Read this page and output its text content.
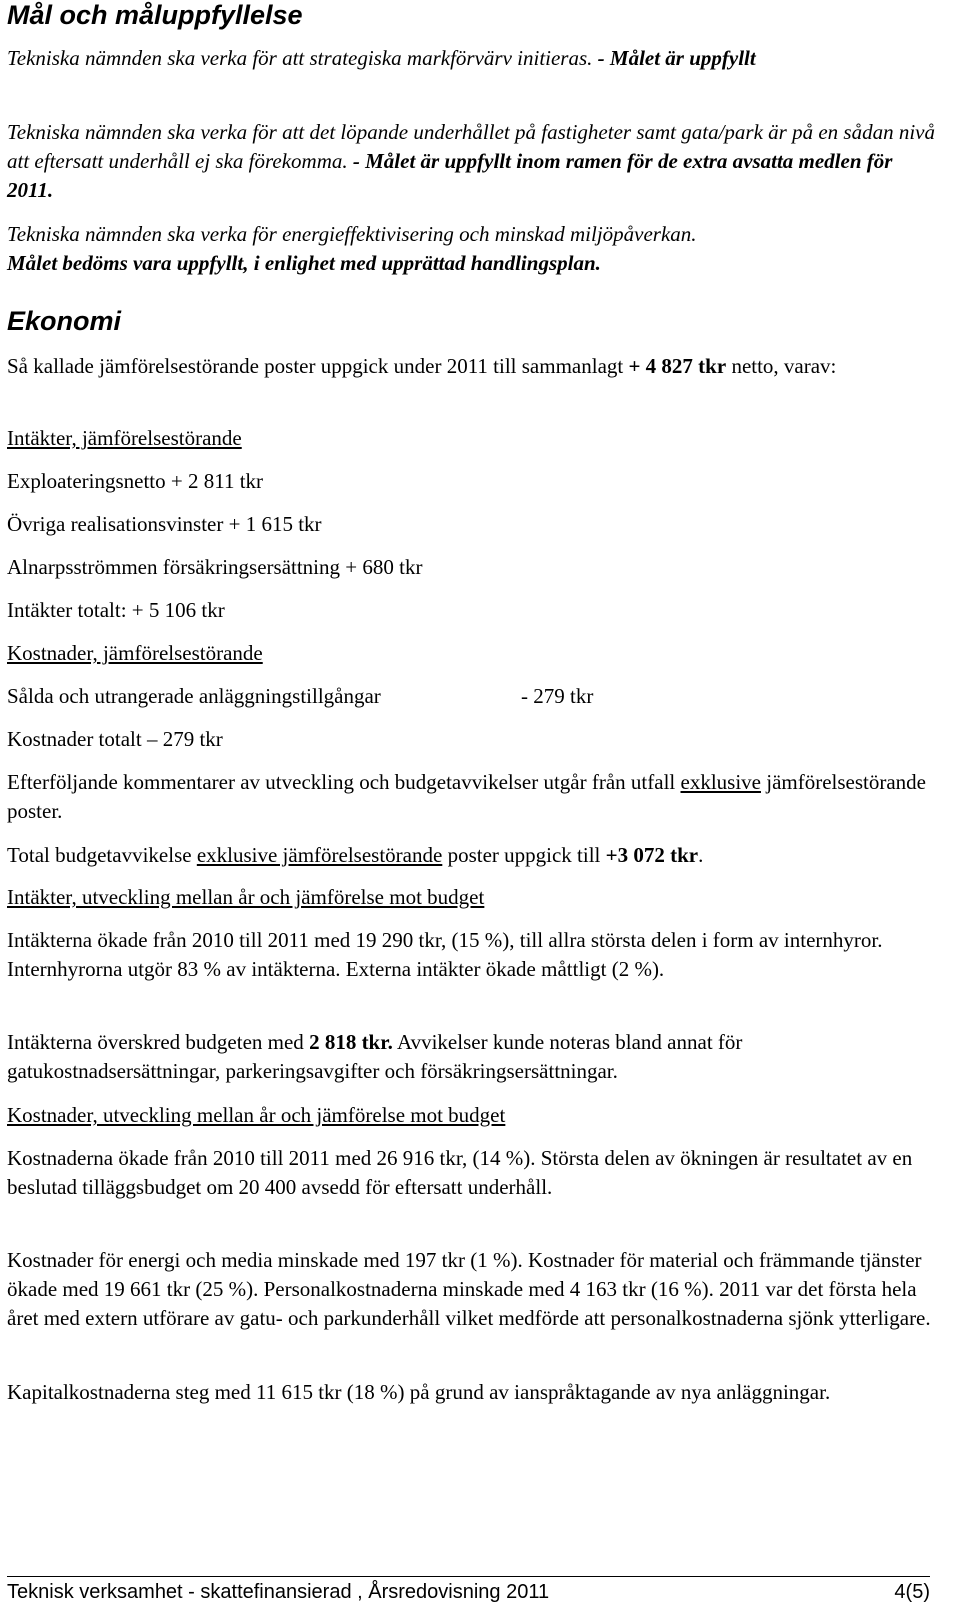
Mål och måluppfyllelse

Tekniska nämnden ska verka för att strategiska markförvärv initieras. - Målet är uppfyllt

Tekniska nämnden ska verka för att det löpande underhållet på fastigheter samt gata/park är på en sådan nivå att eftersatt underhåll ej ska förekomma. - Målet är uppfyllt inom ramen för de extra avsatta medlen för 2011.

Tekniska nämnden ska verka för energieffektivisering och minskad miljöpåverkan.
Målet bedöms vara uppfyllt, i enlighet med upprättad handlingsplan.

Ekonomi

Så kallade jämförelsestörande poster uppgick under 2011 till sammanlagt + 4 827 tkr netto, varav:

Intäkter, jämförelsestörande

Exploateringsnetto + 2 811 tkr

Övriga realisationsvinster + 1 615 tkr

Alnarpsströmmen försäkringsersättning + 680 tkr

Intäkter totalt: + 5 106 tkr

Kostnader, jämförelsestörande

Sålda och utrangerade anläggningstillgångar	- 279 tkr

Kostnader totalt – 279 tkr

Efterföljande kommentarer av utveckling och budgetavvikelser utgår från utfall exklusive jämförelsestörande poster.

Total budgetavvikelse exklusive jämförelsestörande poster uppgick till +3 072 tkr.

Intäkter, utveckling mellan år och jämförelse mot budget

Intäkterna ökade från 2010 till 2011 med 19 290 tkr, (15 %), till allra största delen i form av internhyror. Internhyrorna utgör 83 % av intäkterna. Externa intäkter ökade måttligt (2 %).

Intäkterna överskred budgeten med 2 818 tkr. Avvikelser kunde noteras bland annat för gatukostnadsersättningar, parkeringsavgifter och försäkringsersättningar.

Kostnader, utveckling mellan år och jämförelse mot budget

Kostnaderna ökade från 2010 till 2011 med 26 916 tkr, (14 %). Största delen av ökningen är resultatet av en beslutad tilläggsbudget om 20 400 avsedd för eftersatt underhåll.

Kostnader för energi och media minskade med 197 tkr (1 %). Kostnader för material och främmande tjänster ökade med 19 661 tkr (25 %). Personalkostnaderna minskade med 4 163 tkr (16 %). 2011 var det första hela året med extern utförare av gatu- och parkunderhåll vilket medförde att personalkostnaderna sjönk ytterligare.

Kapitalkostnaderna steg med 11 615 tkr (18 %) på grund av ianspråktagande av nya anläggningar.

Teknisk verksamhet - skattefinansierad , Årsredovisning 2011	4(5)
